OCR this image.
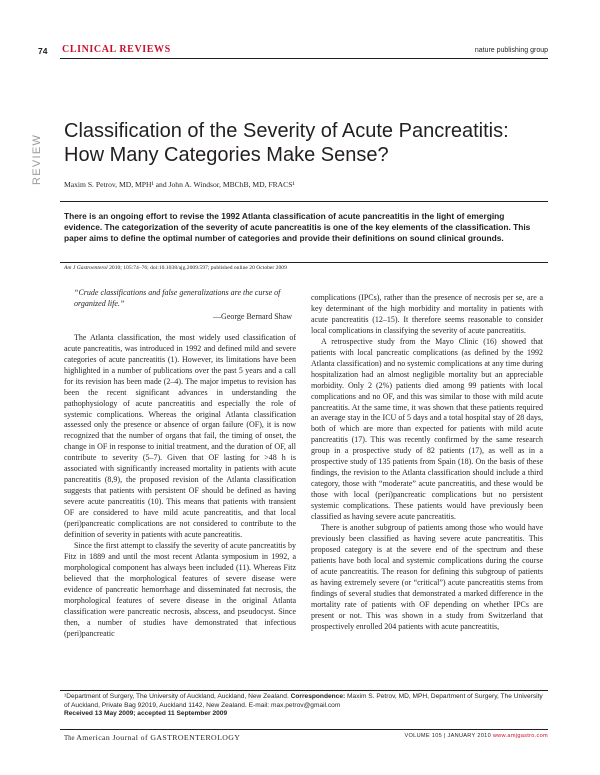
74 CLINICAL REVIEWS	nature publishing group
REVIEW
Classification of the Severity of Acute Pancreatitis:
How Many Categories Make Sense?
Maxim S. Petrov, MD, MPH¹ and John A. Windsor, MBChB, MD, FRACS¹

There is an ongoing effort to revise the 1992 Atlanta classification of acute pancreatitis in the light of emerging evidence. The categorization of the severity of acute pancreatitis is one of the key elements of the classification. This paper aims to define the optimal number of categories and provide their definitions on sound clinical grounds.

Am J Gastroenterol 2010; 105:74–76; doi:10.1038/ajg.2009.597; published online 20 October 2009

“Crude classifications and false generalizations are the curse of organized life.”

—George Bernard Shaw

The Atlanta classification, the most widely used classification of acute pancreatitis, was introduced in 1992 and defined mild and severe categories of acute pancreatitis (1). However, its limitations have been highlighted in a number of publications over the past 5 years and a call for its revision has been made (2–4). The major impetus to revision has been the recent significant advances in understanding the pathophysiology of acute pancreatitis and especially the role of systemic complications. Whereas the original Atlanta classification assessed only the presence or absence of organ failure (OF), it is now recognized that the number of organs that fail, the timing of onset, the change in OF in response to initial treatment, and the duration of OF, all contribute to severity (5–7). Given that OF lasting for >48 h is associated with significantly increased mortality in patients with acute pancreatitis (8,9), the proposed revision of the Atlanta classification suggests that patients with persistent OF should be defined as having severe acute pancreatitis (10). This means that patients with transient OF are considered to have mild acute pancreatitis, and that local (peri)pancreatic complications are not considered to contribute to the definition of severity in patients with acute pancreatitis.

Since the first attempt to classify the severity of acute pancreatitis by Fitz in 1889 and until the most recent Atlanta symposium in 1992, a morphological component has always been included (11). Whereas Fitz believed that the morphological features of severe disease were evidence of pancreatic hemorrhage and disseminated fat necrosis, the morphological features of severe disease in the original Atlanta classification were pancreatic necrosis, abscess, and pseudocyst. Since then, a number of studies have demonstrated that infectious (peri)pancreatic

complications (IPCs), rather than the presence of necrosis per se, are a key determinant of the high morbidity and mortality in patients with acute pancreatitis (12–15). It therefore seems reasonable to consider local complications in classifying the severity of acute pancreatitis.

A retrospective study from the Mayo Clinic (16) showed that patients with local pancreatic complications (as defined by the 1992 Atlanta classification) and no systemic complications at any time during hospitalization had an almost negligible mortality but an appreciable morbidity. Only 2 (2%) patients died among 99 patients with local complications and no OF, and this was similar to those with mild acute pancreatitis. At the same time, it was shown that these patients required an average stay in the ICU of 5 days and a total hospital stay of 28 days, both of which are more than expected for patients with mild acute pancreatitis (17). This was recently confirmed by the same research group in a prospective study of 82 patients (17), as well as in a prospective study of 135 patients from Spain (18). On the basis of these findings, the revision to the Atlanta classification should include a third category, those with “moderate” acute pancreatitis, and these would be those with local (peri)pancreatic complications but no persistent systemic complications. These patients would have previously been classified as having severe acute pancreatitis.

There is another subgroup of patients among those who would have previously been classified as having severe acute pancreatitis. This proposed category is at the severe end of the spectrum and these patients have both local and systemic complications during the course of acute pancreatitis. The reason for defining this subgroup of patients as having extremely severe (or “critical”) acute pancreatitis stems from findings of several studies that demonstrated a marked difference in the mortality rate of patients with OF depending on whether IPCs are present or not. This was shown in a study from Switzerland that prospectively enrolled 204 patients with acute pancreatitis,

¹Department of Surgery, The University of Auckland, Auckland, New Zealand. Correspondence: Maxim S. Petrov, MD, MPH, Department of Surgery, The University of Auckland, Private Bag 92019, Auckland 1142, New Zealand. E-mail: max.petrov@gmail.com
Received 13 May 2009; accepted 11 September 2009
The American Journal of GASTROENTEROLOGY	VOLUME 105 | JANUARY 2010 www.amjgastro.com
